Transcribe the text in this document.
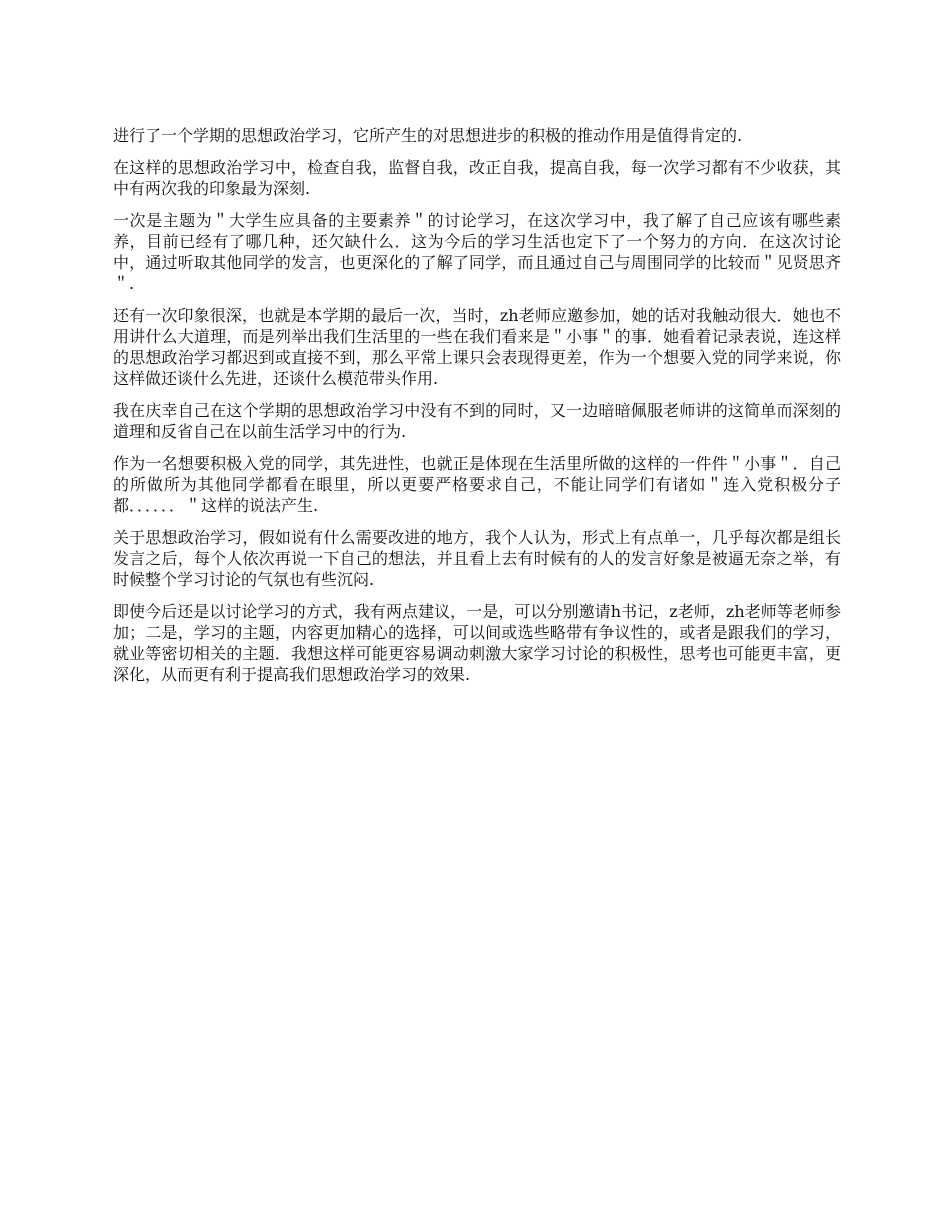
进行了一个学期的思想政治学习，它所产生的对思想进步的积极的推动作用是值得肯定的.

在这样的思想政治学习中，检查自我，监督自我，改正自我，提高自我，每一次学习都有不少收获，其中有两次我的印象最为深刻.

一次是主题为＂大学生应具备的主要素养＂的讨论学习，在这次学习中，我了解了自己应该有哪些素养，目前已经有了哪几种，还欠缺什么．这为今后的学习生活也定下了一个努力的方向．在这次讨论中，通过听取其他同学的发言，也更深化的了解了同学，而且通过自己与周围同学的比较而＂见贤思齐＂.

还有一次印象很深，也就是本学期的最后一次，当时，zh老师应邀参加，她的话对我触动很大．她也不用讲什么大道理，而是列举出我们生活里的一些在我们看来是＂小事＂的事．她看着记录表说，连这样的思想政治学习都迟到或直接不到，那么平常上课只会表现得更差，作为一个想要入党的同学来说，你这样做还谈什么先进，还谈什么模范带头作用.

我在庆幸自己在这个学期的思想政治学习中没有不到的同时，又一边暗暗佩服老师讲的这简单而深刻的道理和反省自己在以前生活学习中的行为.

作为一名想要积极入党的同学，其先进性，也就正是体现在生活里所做的这样的一件件＂小事＂．自己的所做所为其他同学都看在眼里，所以更要严格要求自己，不能让同学们有诸如＂连入党积极分子都．．．．．．＂这样的说法产生.

关于思想政治学习，假如说有什么需要改进的地方，我个人认为，形式上有点单一，几乎每次都是组长发言之后，每个人依次再说一下自己的想法，并且看上去有时候有的人的发言好象是被逼无奈之举，有时候整个学习讨论的气氛也有些沉闷.

即使今后还是以讨论学习的方式，我有两点建议，一是，可以分别邀请h书记，z老师，zh老师等老师参加；二是，学习的主题，内容更加精心的选择，可以间或选些略带有争议性的，或者是跟我们的学习，就业等密切相关的主题．我想这样可能更容易调动刺激大家学习讨论的积极性，思考也可能更丰富，更深化，从而更有利于提高我们思想政治学习的效果.
